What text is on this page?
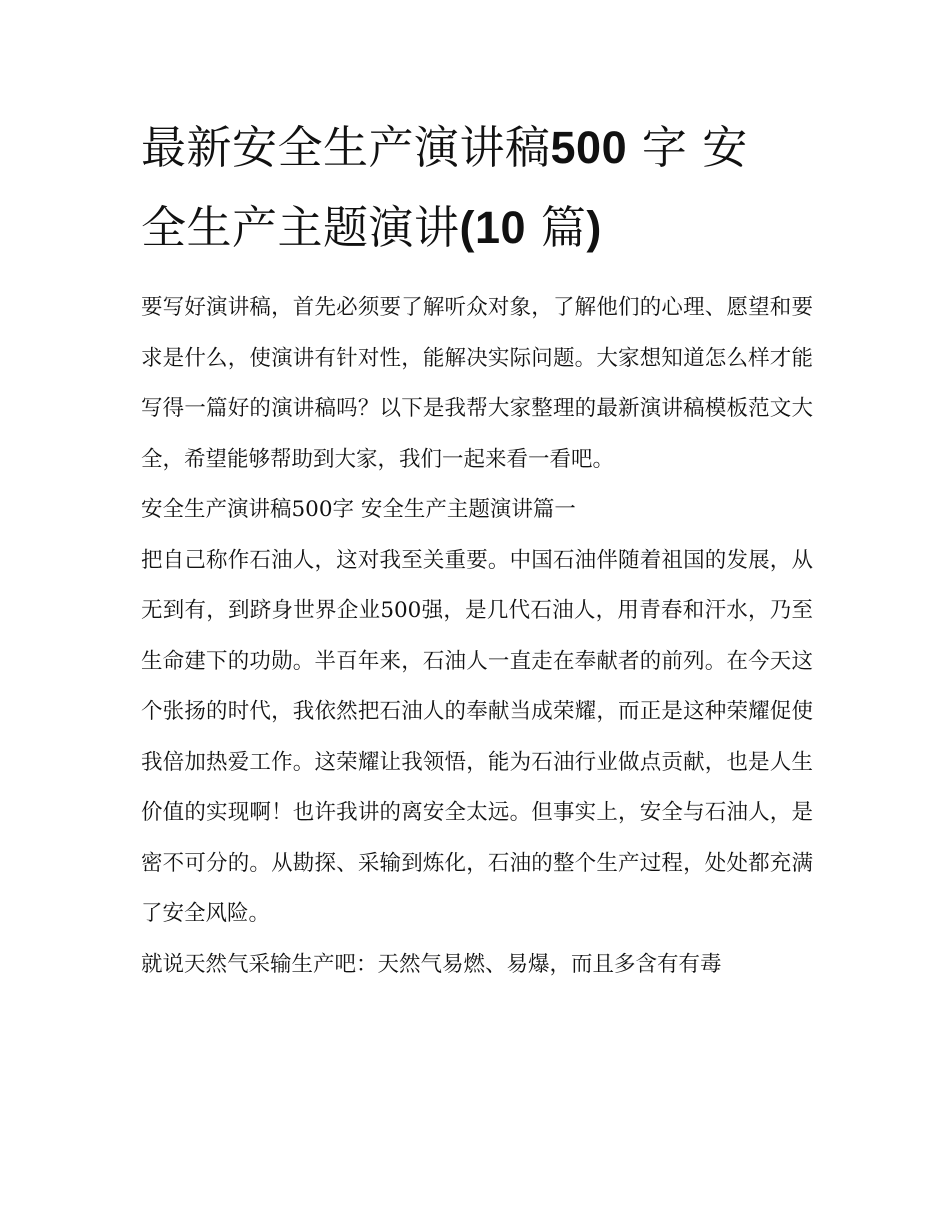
最新安全生产演讲稿500 字 安
全生产主题演讲(10 篇)

要写好演讲稿，首先必须要了解听众对象，了解他们的心理、愿望和要求是什么，使演讲有针对性，能解决实际问题。大家想知道怎么样才能写得一篇好的演讲稿吗？以下是我帮大家整理的最新演讲稿模板范文大全，希望能够帮助到大家，我们一起来看一看吧。

安全生产演讲稿500字 安全生产主题演讲篇一

把自己称作石油人，这对我至关重要。中国石油伴随着祖国的发展，从无到有，到跻身世界企业500强，是几代石油人，用青春和汗水，乃至生命建下的功勋。半百年来，石油人一直走在奉献者的前列。在今天这个张扬的时代，我依然把石油人的奉献当成荣耀，而正是这种荣耀促使我倍加热爱工作。这荣耀让我领悟，能为石油行业做点贡献，也是人生价值的实现啊！也许我讲的离安全太远。但事实上，安全与石油人，是密不可分的。从勘探、采输到炼化，石油的整个生产过程，处处都充满了安全风险。

就说天然气采输生产吧：天然气易燃、易爆，而且多含有有毒
